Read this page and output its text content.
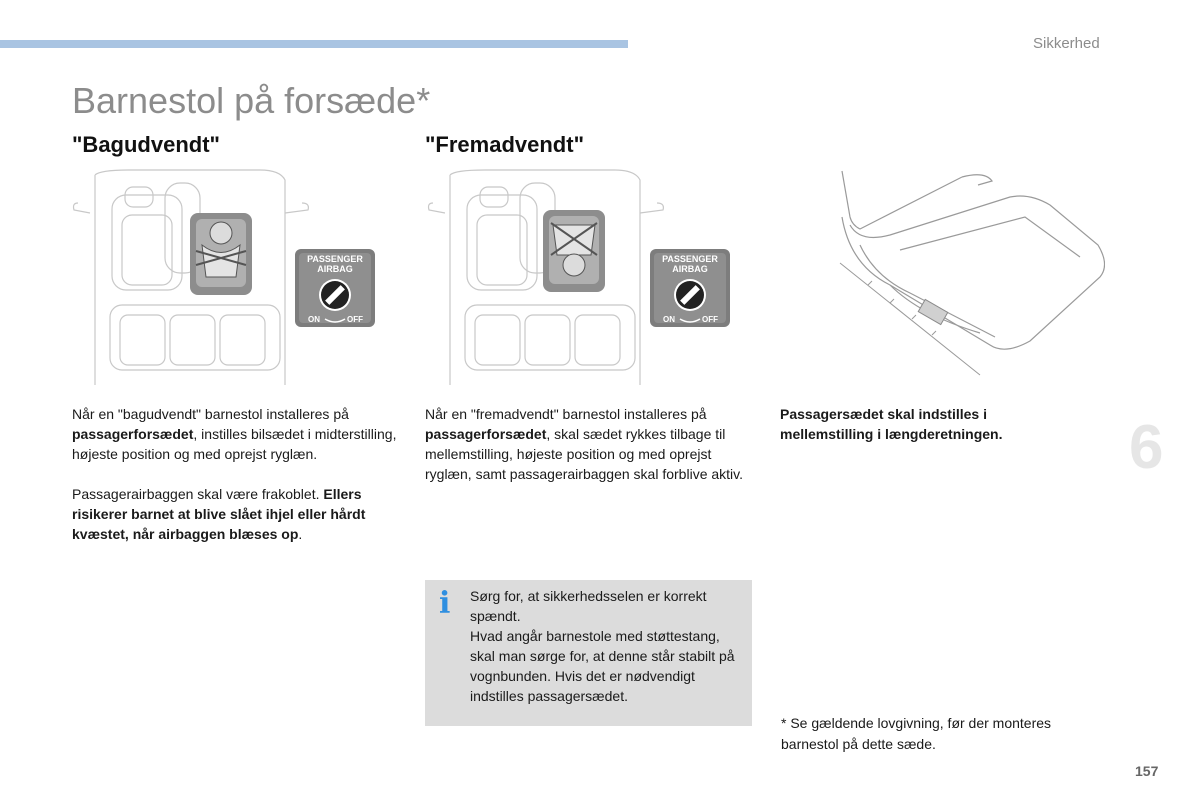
Sikkerhed
Barnestol på forsæde*
"Bagudvendt"	"Fremadvendt"
PASSENGER
AIRBAG
ON	OFF
PASSENGER
AIRBAG
ON	OFF
Når en "bagudvendt" barnestol installeres på passagerforsædet, instilles bilsædet i midterstilling, højeste position og med oprejst ryglæn.
Passagerairbaggen skal være frakoblet. Ellers risikerer barnet at blive slået ihjel eller hårdt kvæstet, når airbaggen blæses op.
Når en "fremadvendt" barnestol installeres på passagerforsædet, skal sædet rykkes tilbage til mellemstilling, højeste position og med oprejst ryglæn, samt passagerairbaggen skal forblive aktiv.
Passagersædet skal indstilles i mellemstilling i længderetningen.
i Sørg for, at sikkerhedsselen er korrekt spændt.
Hvad angår barnestole med støttestang, skal man sørge for, at denne står stabilt på vognbunden. Hvis det er nødvendigt indstilles passagersædet.
6
* Se gældende lovgivning, før der monteres barnestol på dette sæde.
157
